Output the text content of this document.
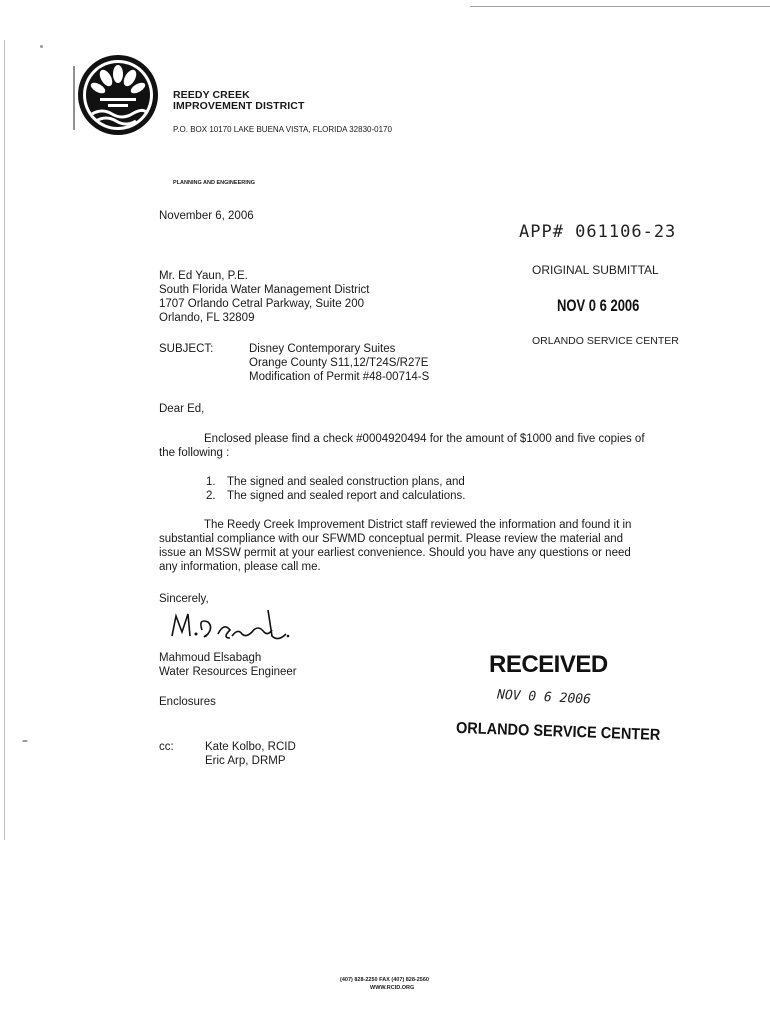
REEDY CREEK
IMPROVEMENT DISTRICT
P.O. BOX 10170 LAKE BUENA VISTA, FLORIDA 32830-0170
PLANNING AND ENGINEERING
November 6, 2006
APP# 061106-23
ORIGINAL SUBMITTAL
NOV 0 6 2006
ORLANDO SERVICE CENTER
Mr. Ed Yaun, P.E.
South Florida Water Management District
1707 Orlando Cetral Parkway, Suite 200
Orlando, FL 32809
SUBJECT:	Disney Contemporary Suites
Orange County S11,12/T24S/R27E
Modification of Permit #48-00714-S
Dear Ed,
Enclosed please find a check #0004920494 for the amount of $1000 and five copies of
the following :
1. The signed and sealed construction plans, and
2. The signed and sealed report and calculations.
The Reedy Creek Improvement District staff reviewed the information and found it in
substantial compliance with our SFWMD conceptual permit. Please review the material and
issue an MSSW permit at your earliest convenience. Should you have any questions or need
any information, please call me.
Sincerely,
Mahmoud Elsabagh
Water Resources Engineer
Enclosures
RECEIVED
NOV 0 6 2006
ORLANDO SERVICE CENTER
cc:	Kate Kolbo, RCID
Eric Arp, DRMP
(407) 828-2250 FAX (407) 828-2560
WWW.RCID.ORG
